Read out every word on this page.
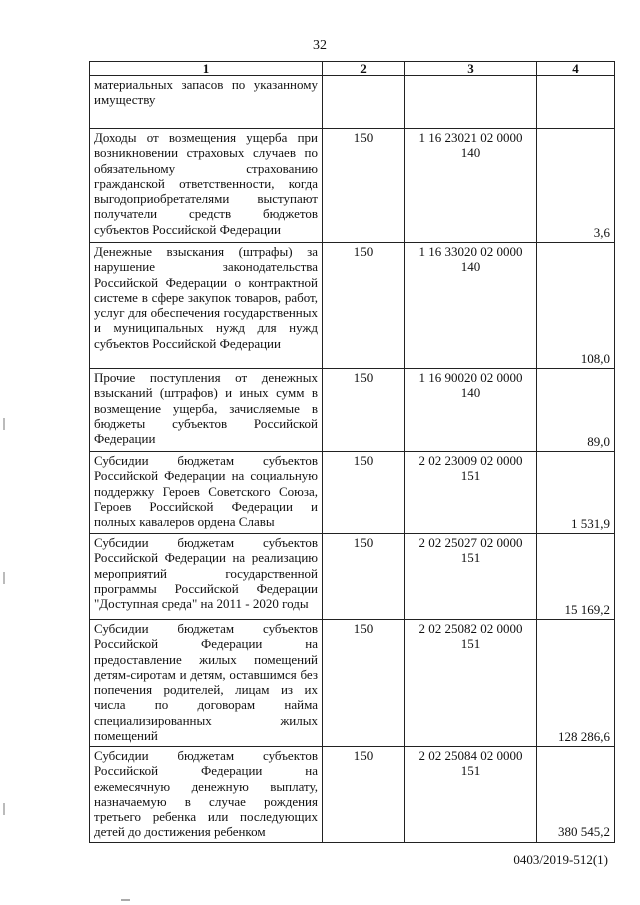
32
1	2	3	4
материальных запасов по указанному имуществу			
Доходы от возмещения ущерба при возникновении страховых случаев по обязательному страхованию гражданской ответственности, когда выгодоприобретателями выступают получатели средств бюджетов субъектов Российской Федерации	150	1 16 23021 02 0000 140	3,6
Денежные взыскания (штрафы) за нарушение законодательства Российской Федерации о контрактной системе в сфере закупок товаров, работ, услуг для обеспечения государственных и муниципальных нужд для нужд субъектов Российской Федерации	150	1 16 33020 02 0000 140	108,0
Прочие поступления от денежных взысканий (штрафов) и иных сумм в возмещение ущерба, зачисляемые в бюджеты субъектов Российской Федерации	150	1 16 90020 02 0000 140	89,0
Субсидии бюджетам субъектов Российской Федерации на социальную поддержку Героев Советского Союза, Героев Российской Федерации и полных кавалеров ордена Славы	150	2 02 23009 02 0000 151	1 531,9
Субсидии бюджетам субъектов Российской Федерации на реализацию мероприятий государственной программы Российской Федерации "Доступная среда" на 2011 - 2020 годы	150	2 02 25027 02 0000 151	15 169,2
Субсидии бюджетам субъектов Российской Федерации на предоставление жилых помещений детям-сиротам и детям, оставшимся без попечения родителей, лицам из их числа по договорам найма специализированных жилых помещений	150	2 02 25082 02 0000 151	128 286,6
Субсидии бюджетам субъектов Российской Федерации на ежемесячную денежную выплату, назначаемую в случае рождения третьего ребенка или последующих детей до достижения ребенком	150	2 02 25084 02 0000 151	380 545,2
0403/2019-512(1)
